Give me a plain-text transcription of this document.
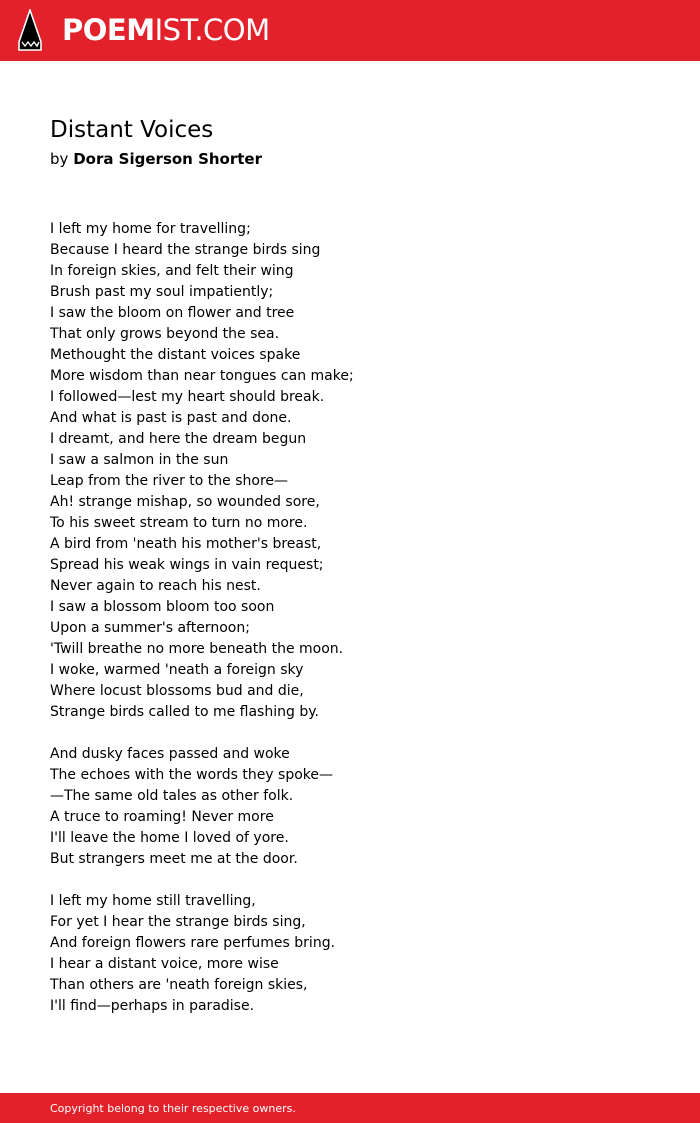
POEMIST.COM
Distant Voices
by Dora Sigerson Shorter
I left my home for travelling;
Because I heard the strange birds sing
In foreign skies, and felt their wing
Brush past my soul impatiently;
I saw the bloom on flower and tree
That only grows beyond the sea.
Methought the distant voices spake
More wisdom than near tongues can make;
I followed—lest my heart should break.
And what is past is past and done.
I dreamt, and here the dream begun
I saw a salmon in the sun
Leap from the river to the shore—
Ah! strange mishap, so wounded sore,
To his sweet stream to turn no more.
A bird from 'neath his mother's breast,
Spread his weak wings in vain request;
Never again to reach his nest.
I saw a blossom bloom too soon
Upon a summer's afternoon;
'Twill breathe no more beneath the moon.
I woke, warmed 'neath a foreign sky
Where locust blossoms bud and die,
Strange birds called to me flashing by.
And dusky faces passed and woke
The echoes with the words they spoke—
—The same old tales as other folk.
A truce to roaming! Never more
I'll leave the home I loved of yore.
But strangers meet me at the door.
I left my home still travelling,
For yet I hear the strange birds sing,
And foreign flowers rare perfumes bring.
I hear a distant voice, more wise
Than others are 'neath foreign skies,
I'll find—perhaps in paradise.
Copyright belong to their respective owners.
